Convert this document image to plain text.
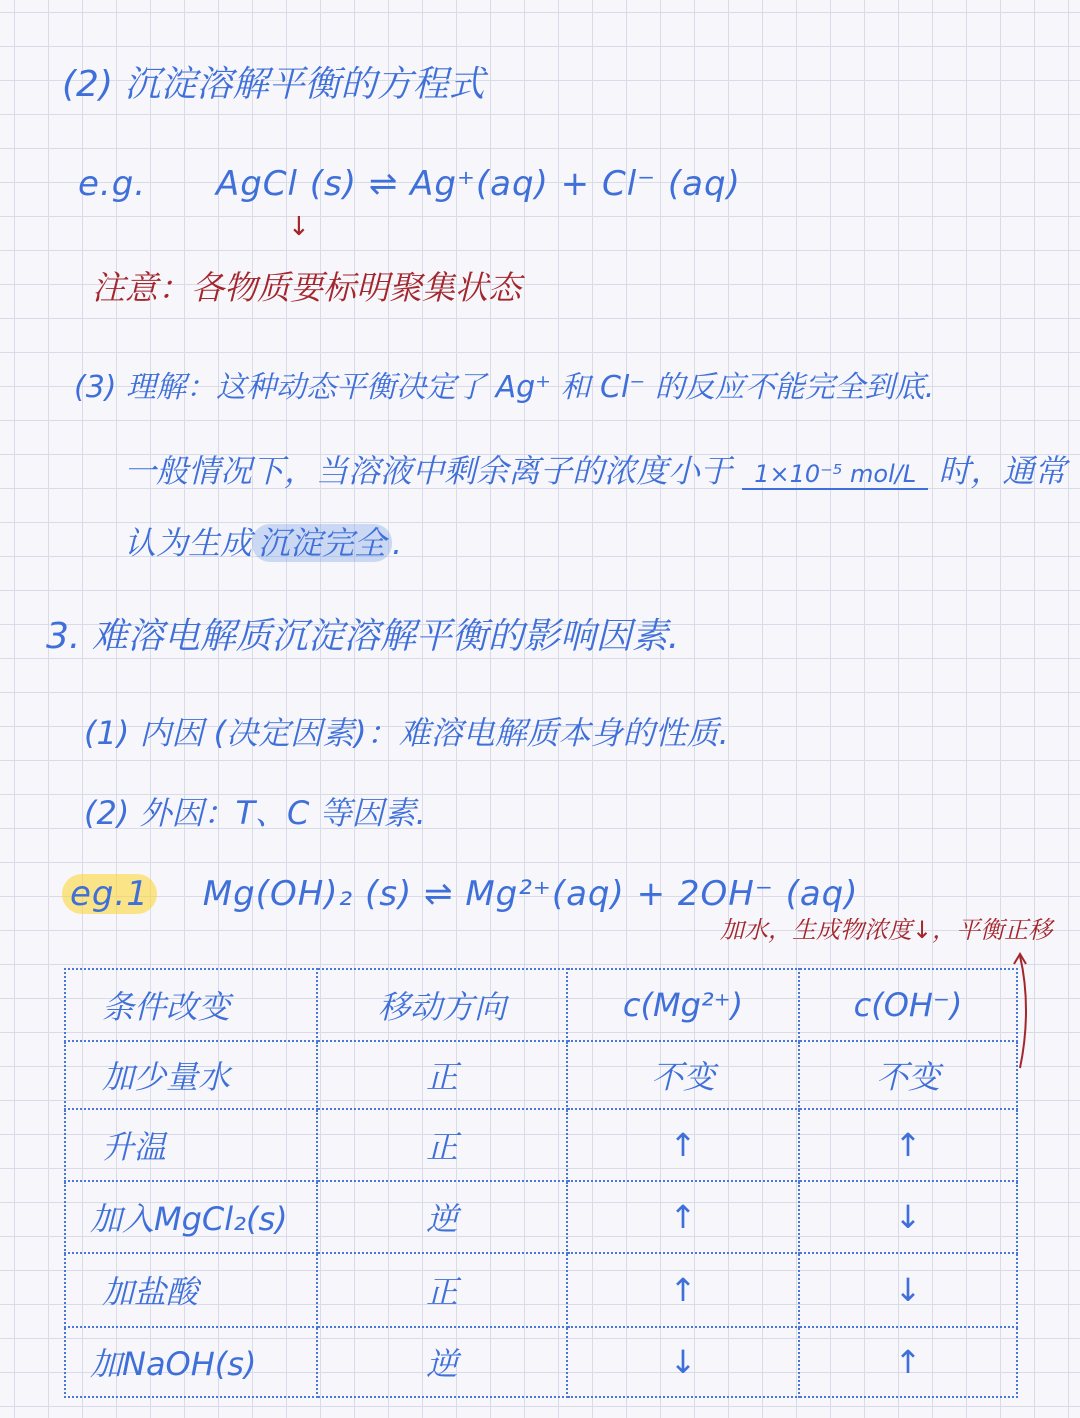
(2) 沉淀溶解平衡的方程式
e.g. AgCl (s) ⇌ Ag⁺(aq) + Cl⁻ (aq)
↓
注意：各物质要标明聚集状态
(3) 理解：这种动态平衡决定了 Ag⁺ 和 Cl⁻ 的反应不能完全到底.
一般情况下，当溶液中剩余离子的浓度小于 1×10⁻⁵ mol/L 时，通常
认为生成 沉淀完全 .
3. 难溶电解质沉淀溶解平衡的影响因素.
(1) 内因 (决定因素)：难溶电解质本身的性质.
(2) 外因：T、C 等因素.
eg.1 Mg(OH)₂ (s) ⇌ Mg²⁺(aq) + 2OH⁻ (aq)
加水，生成物浓度↓，平衡正移
条件改变	移动方向	c(Mg²⁺)	c(OH⁻)
加少量水	正	不变	不变
升温	正	↑	↑
加入MgCl₂(s)	逆	↑	↓
加盐酸	正	↑	↓
加NaOH(s)	逆	↓	↑
